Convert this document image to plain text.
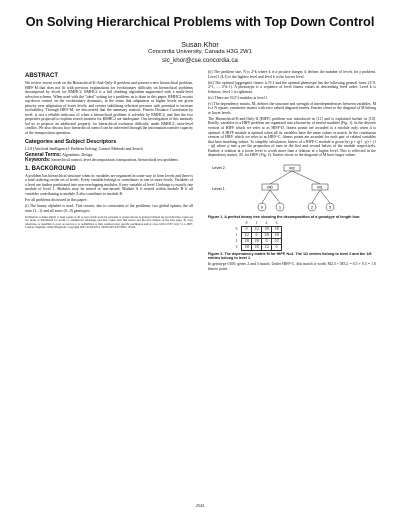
On Solving Hierarchical Problems with Top Down Control
Susan Khor
Concordia University, Canada H3G 2W1
slc_khor@cse.concordia.ca
ABSTRACT

We review recent work on the Hierarchical-If-And-Only-If problem and present a new hierarchical problem, HIFF-M that does not fit with previous explanations for evolutionary difficulty on hierarchical problems decomposed by levels for RMHC2. RMHC2 is a hill climbing algorithm augmented with a multi-level selection scheme. When used with the "ideal" setting for a problem, as is done in this paper, RMHC2 escorts top-down control on the evolutionary dynamics, in the sense that adaptation of higher levels are given priority over adaptation of lower levels, and creates stabilizing selection pressure with potential to increase evolvability. Through HIFF-M, we discovered that the summary statistic, Fitness Distance Correlation by level, is not a reliable indicator of when a hierarchical problem is solvable by RMHC2, and that the two properties proposed to explain search easiness for RMHC2 are inadequate. Our investigation of this anomaly led us to propose an additional property for hierarchical evolution difficulty under RMHC2: inter-level conflict. We also discuss how hierarchical control can be subverted through the information transfer capacity of the transposition operation.

Categories and Subject Descriptors

I.2.8 [Artificial Intelligence]: Problem Solving, Control Methods and Search

General Terms: Algorithms, Design

Keywords: hierarchical control, level decomposition, transposition, hierarchical test problems

1. BACKGROUND

A problem has hierarchical structure when its variables are organized in some way to form levels and there is a total ordering on the set of levels. Every variable belongs or contributes to one or more levels. Variables of a level are further partitioned into non-overlapping modules. Every variable of level 1 belongs to exactly one module of level 1. Modules may be nested or non-nested. Module A is nested within module B if all variables contributing to module A also contribute to module B.

For all problems discussed in this paper:

(i) The binary alphabet is used. This creates, due to constraints of the problems, two global optima, the all ones (1...1) and all zeros (0...0) genotypes.

Permission to make digital or hard copies of all or part of this work for personal or classroom use is granted without fee provided that copies are not made or distributed for profit or commercial advantage and that copies bear this notice and the full citation on the first page. To copy otherwise, or republish, to post on servers or to redistribute to lists, requires prior specific permission and/or a fee. GECCO'07, July 7-11, 2007, London, England, United Kingdom. Copyright 2007 ACM 978-1-59593-697-4/07/0007...$5.00.

(ii) The problem size, N is 2^k where k is a positive integer. k defines the number of levels for a problem. Level 1 (L1) is the highest level and level k is the lowest level.

(iii) The optimal (aggregate) fitness is N-1 and the optimal phenotype has the following general form: (2^0, 2^1, ..., 2^k-1). A phenotype is a sequence of level fitness values in descending level order. Level k is leftmost, level 1 is rightmost.

(iv) There are N/2^l modules at level l.

(v) The dependency matrix, M, defines the structure and strength of interdependencies between variables. M is a N square, symmetric matrix with zero valued diagonal entries. Entries closer to the diagonal of M belong to lower levels.

The Hierarchical-If-and-Only-If (HIFF) problem was introduced in [11] and is explained further in [10]. Briefly, variables in a HIFF problem are organized into a hierarchy of nested modules (Fig. 1). In the discrete version of HIFF which we refer to as HIFF-D, fitness points are awarded to a module only when it is optimal. A HIFF module is optimal when all its variables have the same values or match. In the continuous version of HIFF which we refer to as HIFF-C, fitness points are awarded for each pair of related variables that have matching values. To simplify calculation, fitness of a HIFF-C module is given by (p + q(1 - p) + (1 - q)) where p and q are the proportion of ones in the first and second halves of the module respectively. Further, a relation at a lower level is worth more than a relation at a higher level. This is reflected in the dependency matrix, M, for HIFF (Fig. 2). Entries closer to the diagonal of M have larger values.

Level 2
Level 1
M2
M0	M1
0	1	2	3
Figure 1. A perfect binary tree showing the decomposition of a genotype of length four.
	0	1	2	3
0	0	1/2	1/8	1/8
1	1/2	0	1/8	1/8
2	1/8	1/8	0	1/2
3	1/8	1/8	1/2	0
Figure 2. The dependency matrix M for HIFF, N=4. The 1/2 entries belong to level 2 and the 1/8 entries belong to level 1.

In genotype 0100, genes 2 and 3 match. Under HIFF-C, this match is worth M2,3 + M3,2 = 0.5 + 0.5 = 1.0 fitness point.

2543
